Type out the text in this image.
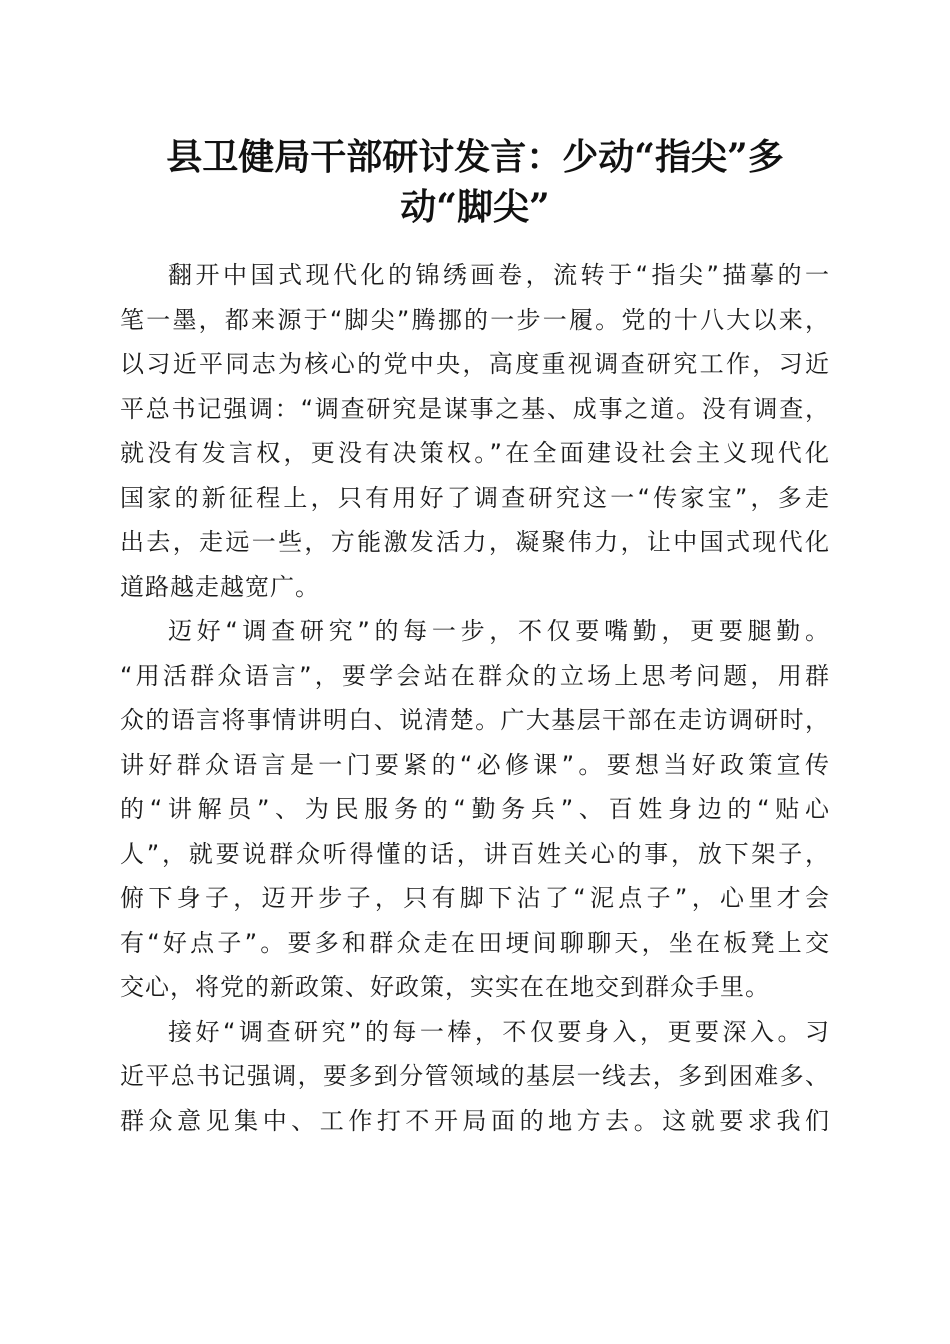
县卫健局干部研讨发言：少动“指尖”多
动“脚尖”
翻开中国式现代化的锦绣画卷，流转于“指尖”描摹的一
笔一墨，都来源于“脚尖”腾挪的一步一履。党的十八大以来，
以习近平同志为核心的党中央，高度重视调查研究工作，习近
平总书记强调：“调查研究是谋事之基、成事之道。没有调查，
就没有发言权，更没有决策权。”在全面建设社会主义现代化
国家的新征程上，只有用好了调查研究这一“传家宝”，多走
出去，走远一些，方能激发活力，凝聚伟力，让中国式现代化
道路越走越宽广。
迈好“调查研究”的每一步，不仅要嘴勤，更要腿勤。
“用活群众语言”，要学会站在群众的立场上思考问题，用群
众的语言将事情讲明白、说清楚。广大基层干部在走访调研时，
讲好群众语言是一门要紧的“必修课”。要想当好政策宣传
的“讲解员”、为民服务的“勤务兵”、百姓身边的“贴心
人”，就要说群众听得懂的话，讲百姓关心的事，放下架子，
俯下身子，迈开步子，只有脚下沾了“泥点子”，心里才会
有“好点子”。要多和群众走在田埂间聊聊天，坐在板凳上交
交心，将党的新政策、好政策，实实在在地交到群众手里。
接好“调查研究”的每一棒，不仅要身入，更要深入。习
近平总书记强调，要多到分管领域的基层一线去，多到困难多、
群众意见集中、工作打不开局面的地方去。这就要求我们
